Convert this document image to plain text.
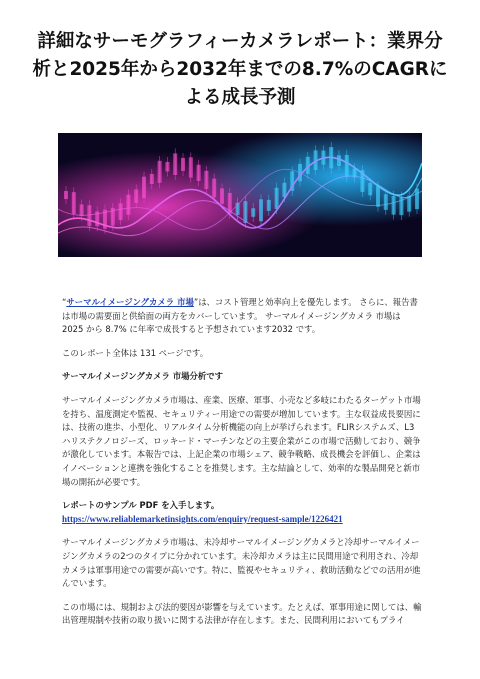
詳細なサーモグラフィーカメラレポート：業界分析と2025年から2032年までの8.7%のCAGRによる成長予測

“サーマルイメージングカメラ 市場”は、コスト管理と効率向上を優先します。 さらに、報告書は市場の需要面と供給面の両方をカバーしています。 サーマルイメージングカメラ 市場は 2025 から 8.7% に年率で成長すると予想されています2032 です。

このレポート全体は 131 ページです。

サーマルイメージングカメラ 市場分析です

サーマルイメージングカメラ市場は、産業、医療、軍事、小売など多岐にわたるターゲット市場を持ち、温度測定や監視、セキュリティー用途での需要が増加しています。主な収益成長要因には、技術の進歩、小型化、リアルタイム分析機能の向上が挙げられます。FLIRシステムズ、L3ハリステクノロジーズ、ロッキード・マーチンなどの主要企業がこの市場で活動しており、競争が激化しています。本報告では、上記企業の市場シェア、競争戦略、成長機会を評価し、企業はイノベーションと連携を強化することを推奨します。主な結論として、効率的な製品開発と新市場の開拓が必要です。

レポートのサンプル PDF を入手します。 https://www.reliablemarketinsights.com/enquiry/request-sample/1226421

サーマルイメージングカメラ市場は、未冷却サーマルイメージングカメラと冷却サーマルイメージングカメラの2つのタイプに分かれています。未冷却カメラは主に民間用途で利用され、冷却カメラは軍事用途での需要が高いです。特に、監視やセキュリティ、救助活動などでの活用が進んでいます。

この市場には、規制および法的要因が影響を与えています。たとえば、軍事用途に関しては、輸出管理規制や技術の取り扱いに関する法律が存在します。また、民間利用においてもプライ
